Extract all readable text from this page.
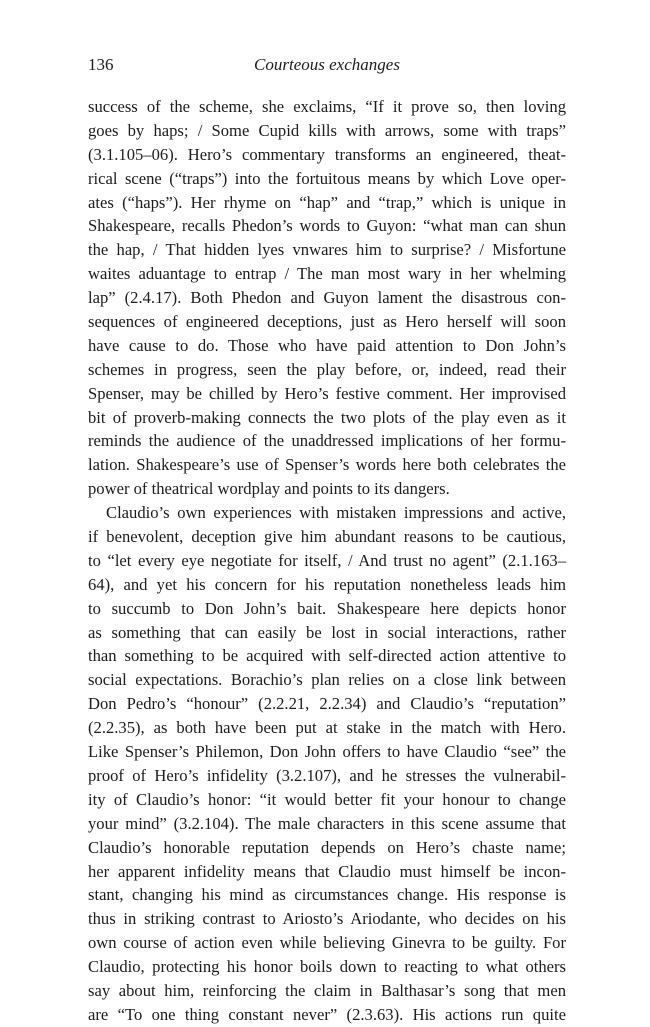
136	Courteous exchanges
success of the scheme, she exclaims, “If it prove so, then loving
goes by haps; / Some Cupid kills with arrows, some with traps”
(3.1.105–06). Hero’s commentary transforms an engineered, theat-
rical scene (“traps”) into the fortuitous means by which Love oper-
ates (“haps”). Her rhyme on “hap” and “trap,” which is unique in
Shakespeare, recalls Phedon’s words to Guyon: “what man can shun
the hap, / That hidden lyes vnwares him to surprise? / Misfortune
waites aduantage to entrap / The man most wary in her whelming
lap” (2.4.17). Both Phedon and Guyon lament the disastrous con-
sequences of engineered deceptions, just as Hero herself will soon
have cause to do. Those who have paid attention to Don John’s
schemes in progress, seen the play before, or, indeed, read their
Spenser, may be chilled by Hero’s festive comment. Her improvised
bit of proverb-making connects the two plots of the play even as it
reminds the audience of the unaddressed implications of her formu-
lation. Shakespeare’s use of Spenser’s words here both celebrates the
power of theatrical wordplay and points to its dangers.
Claudio’s own experiences with mistaken impressions and active,
if benevolent, deception give him abundant reasons to be cautious,
to “let every eye negotiate for itself, / And trust no agent” (2.1.163–
64), and yet his concern for his reputation nonetheless leads him
to succumb to Don John’s bait. Shakespeare here depicts honor
as something that can easily be lost in social interactions, rather
than something to be acquired with self-directed action attentive to
social expectations. Borachio’s plan relies on a close link between
Don Pedro’s “honour” (2.2.21, 2.2.34) and Claudio’s “reputation”
(2.2.35), as both have been put at stake in the match with Hero.
Like Spenser’s Philemon, Don John offers to have Claudio “see” the
proof of Hero’s infidelity (3.2.107), and he stresses the vulnerabil-
ity of Claudio’s honor: “it would better fit your honour to change
your mind” (3.2.104). The male characters in this scene assume that
Claudio’s honorable reputation depends on Hero’s chaste name;
her apparent infidelity means that Claudio must himself be incon-
stant, changing his mind as circumstances change. His response is
thus in striking contrast to Ariosto’s Ariodante, who decides on his
own course of action even while believing Ginevra to be guilty. For
Claudio, protecting his honor boils down to reacting to what others
say about him, reinforcing the claim in Balthasar’s song that men
are “To one thing constant never” (2.3.63). His actions run quite
